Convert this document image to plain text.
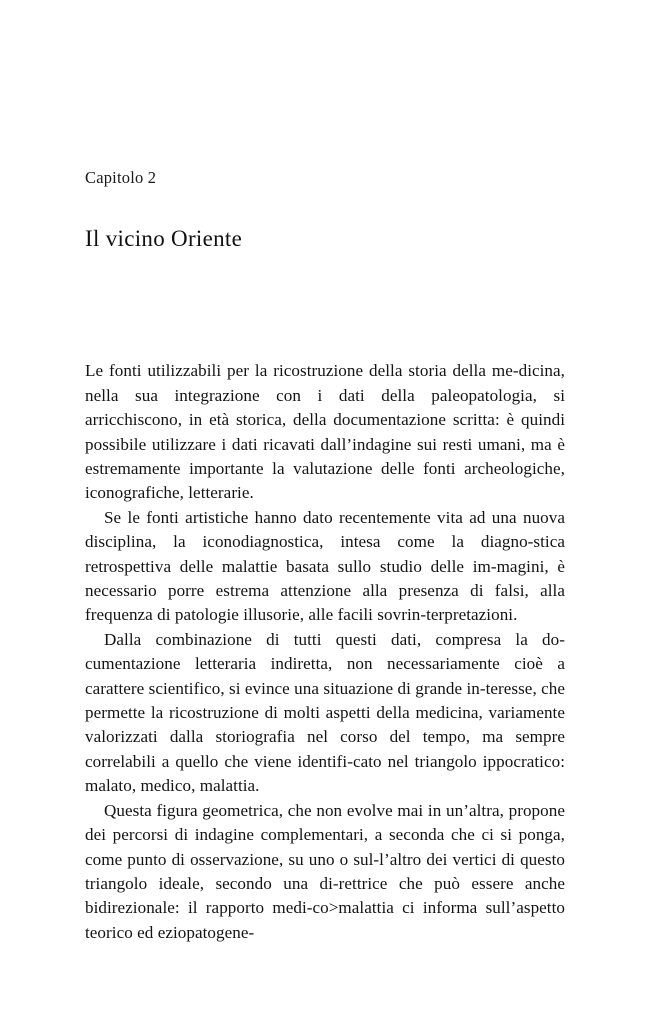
Capitolo 2
Il vicino Oriente

Le fonti utilizzabili per la ricostruzione della storia della me-dicina, nella sua integrazione con i dati della paleopatologia, si arricchiscono, in età storica, della documentazione scritta: è quindi possibile utilizzare i dati ricavati dall’indagine sui resti umani, ma è estremamente importante la valutazione delle fonti archeologiche, iconografiche, letterarie.

Se le fonti artistiche hanno dato recentemente vita ad una nuova disciplina, la iconodiagnostica, intesa come la diagno-stica retrospettiva delle malattie basata sullo studio delle im-magini, è necessario porre estrema attenzione alla presenza di falsi, alla frequenza di patologie illusorie, alle facili sovrin-terpretazioni.

Dalla combinazione di tutti questi dati, compresa la do-cumentazione letteraria indiretta, non necessariamente cioè a carattere scientifico, si evince una situazione di grande in-teresse, che permette la ricostruzione di molti aspetti della medicina, variamente valorizzati dalla storiografia nel corso del tempo, ma sempre correlabili a quello che viene identifi-cato nel triangolo ippocratico: malato, medico, malattia.

Questa figura geometrica, che non evolve mai in un’altra, propone dei percorsi di indagine complementari, a seconda che ci si ponga, come punto di osservazione, su uno o sul-l’altro dei vertici di questo triangolo ideale, secondo una di-rettrice che può essere anche bidirezionale: il rapporto medi-co>malattia ci informa sull’aspetto teorico ed eziopatogene-
